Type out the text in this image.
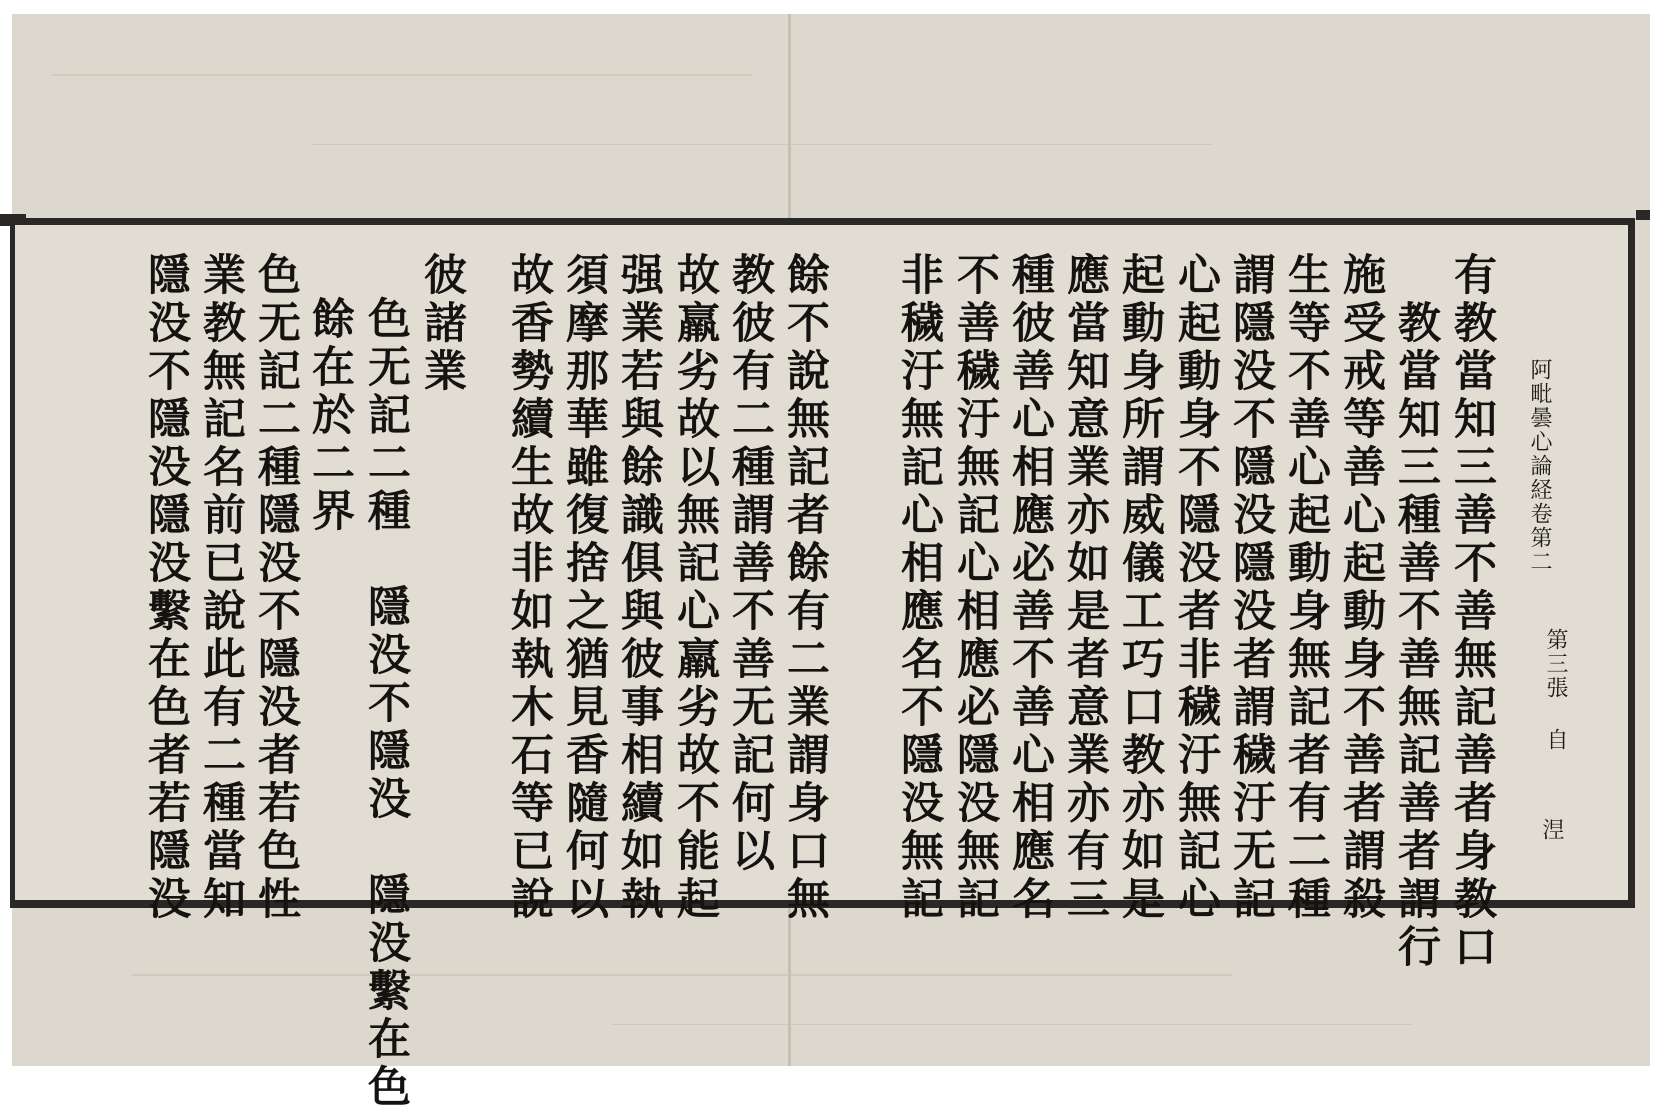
阿毗曇心論経卷第二
第三張
自
𣵀
有教當知三善不善無記善者身教口
教當知三種善不善無記善者謂行
施受戒等善心起動身不善者謂殺
生等不善心起動身無記者有二種
謂隱没不隱没隱没者謂穢汙无記
心起動身不隱没者非穢汙無記心
起動身所謂威儀工巧口教亦如是
應當知意業亦如是者意業亦有三
種彼善心相應必善不善心相應名
不善穢汙無記心相應必隱没無記
非穢汙無記心相應名不隱没無記
餘不說無記者餘有二業謂身口無
教彼有二種謂善不善无記何以
故羸劣故以無記心羸劣故不能起
强業若與餘識俱與彼事相續如執
須摩那華雖復捨之猶見香隨何以
故香勢續生故非如執木石等已說
彼諸業
色无記二種　隱没不隱没　隱没繫在色
餘在於二界
色无記二種隱没不隱没者若色性
業教無記名前已說此有二種當知
隱没不隱没隱没繫在色者若隱没
